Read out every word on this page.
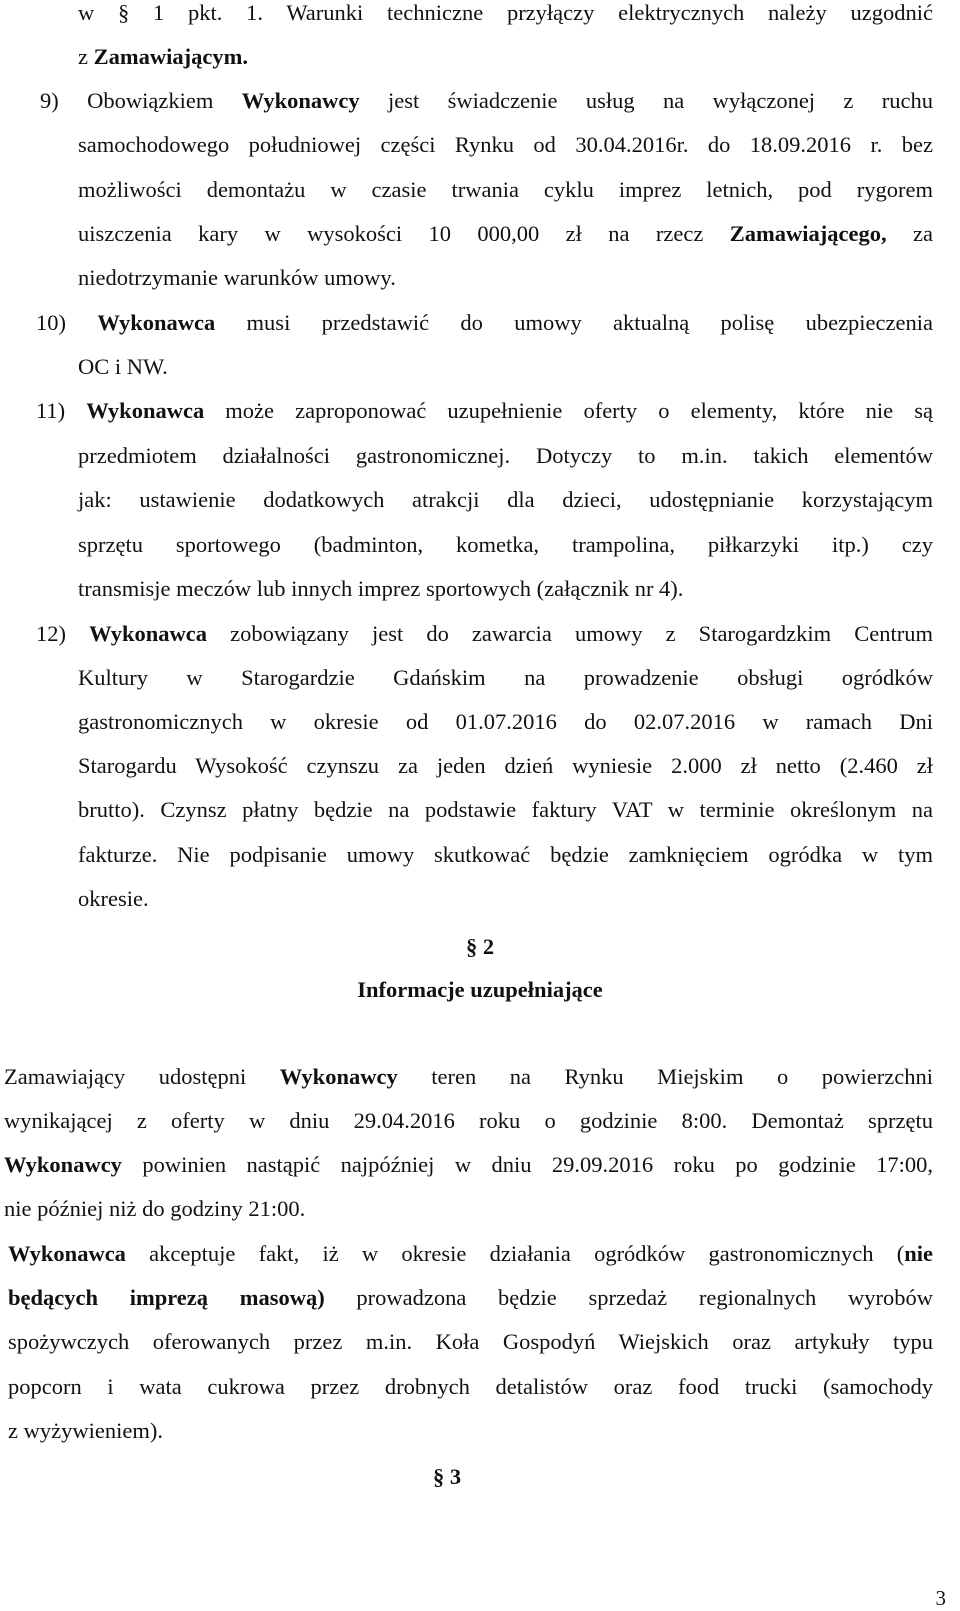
w § 1 pkt. 1. Warunki techniczne przyłączy elektrycznych należy uzgodnić
z Zamawiającym.
9) Obowiązkiem Wykonawcy jest świadczenie usług na wyłączonej z ruchu
samochodowego południowej części Rynku od 30.04.2016r. do 18.09.2016 r. bez
możliwości demontażu w czasie trwania cyklu imprez letnich, pod rygorem
uiszczenia kary w wysokości 10 000,00 zł na rzecz Zamawiającego, za
niedotrzymanie warunków umowy.
10) Wykonawca musi przedstawić do umowy aktualną polisę ubezpieczenia
OC i NW.
11) Wykonawca może zaproponować uzupełnienie oferty o elementy, które nie są
przedmiotem działalności gastronomicznej. Dotyczy to m.in. takich elementów
jak: ustawienie dodatkowych atrakcji dla dzieci, udostępnianie korzystającym
sprzętu sportowego (badminton, kometka, trampolina, piłkarzyki itp.) czy
transmisje meczów lub innych imprez sportowych (załącznik nr 4).
12) Wykonawca zobowiązany jest do zawarcia umowy z Starogardzkim Centrum
Kultury w Starogardzie Gdańskim na prowadzenie obsługi ogródków
gastronomicznych w okresie od 01.07.2016 do 02.07.2016 w ramach Dni
Starogardu Wysokość czynszu za jeden dzień wyniesie 2.000 zł netto (2.460 zł
brutto). Czynsz płatny będzie na podstawie faktury VAT w terminie określonym na
fakturze. Nie podpisanie umowy skutkować będzie zamknięciem ogródka w tym
okresie.
§ 2
Informacje uzupełniające
Zamawiający udostępni Wykonawcy teren na Rynku Miejskim o powierzchni
wynikającej z oferty w dniu 29.04.2016 roku o godzinie 8:00. Demontaż sprzętu
Wykonawcy powinien nastąpić najpóźniej w dniu 29.09.2016 roku po godzinie 17:00,
nie później niż do godziny 21:00.
Wykonawca akceptuje fakt, iż w okresie działania ogródków gastronomicznych (nie
będących imprezą masową) prowadzona będzie sprzedaż regionalnych wyrobów
spożywczych oferowanych przez m.in. Koła Gospodyń Wiejskich oraz artykuły typu
popcorn i wata cukrowa przez drobnych detalistów oraz food trucki (samochody
z wyżywieniem).
§ 3
3
